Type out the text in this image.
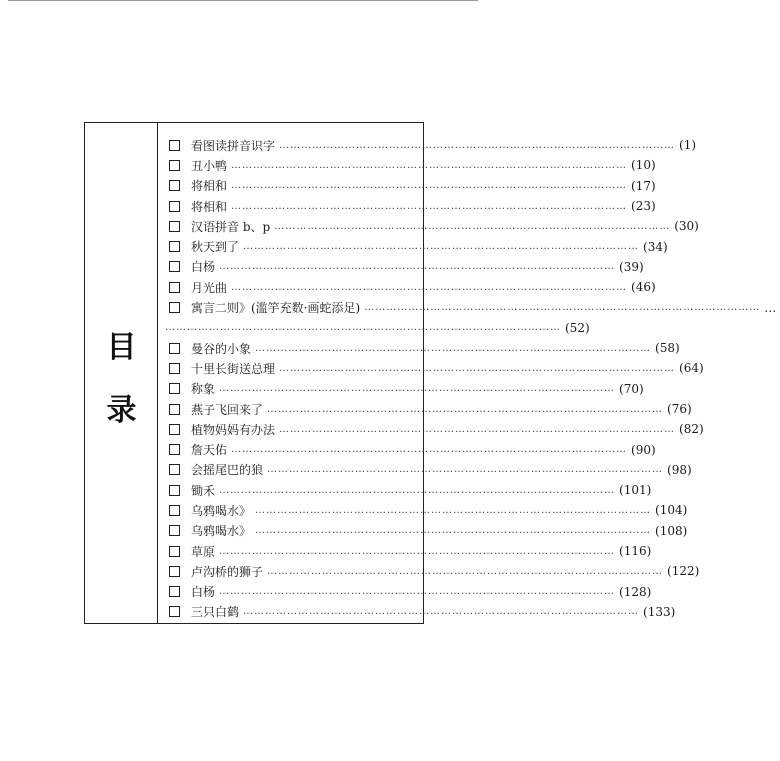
目
录
看图读拼音识字 ……………………………………………………………………………………………… (1)
丑小鸭 ……………………………………………………………………………………………… (10)
将相和 ……………………………………………………………………………………………… (17)
将相和 ……………………………………………………………………………………………… (23)
汉语拼音 b、p ……………………………………………………………………………………………… (30)
秋天到了 ……………………………………………………………………………………………… (34)
白杨 ……………………………………………………………………………………………… (39)
月光曲 ……………………………………………………………………………………………… (46)
寓言二则》(滥竽充数·画蛇添足) ……………………………………………………………………………………………… …
……………………………………………………………………………………………… (52)
曼谷的小象 ……………………………………………………………………………………………… (58)
十里长街送总理 ……………………………………………………………………………………………… (64)
称象 ……………………………………………………………………………………………… (70)
燕子飞回来了 ……………………………………………………………………………………………… (76)
植物妈妈有办法 ……………………………………………………………………………………………… (82)
詹天佑 ……………………………………………………………………………………………… (90)
会摇尾巴的狼 ……………………………………………………………………………………………… (98)
锄禾 ……………………………………………………………………………………………… (101)
乌鸦喝水》 ……………………………………………………………………………………………… (104)
乌鸦喝水》 ……………………………………………………………………………………………… (108)
草原 ……………………………………………………………………………………………… (116)
卢沟桥的狮子 ……………………………………………………………………………………………… (122)
白杨 ……………………………………………………………………………………………… (128)
三只白鹤 ……………………………………………………………………………………………… (133)
